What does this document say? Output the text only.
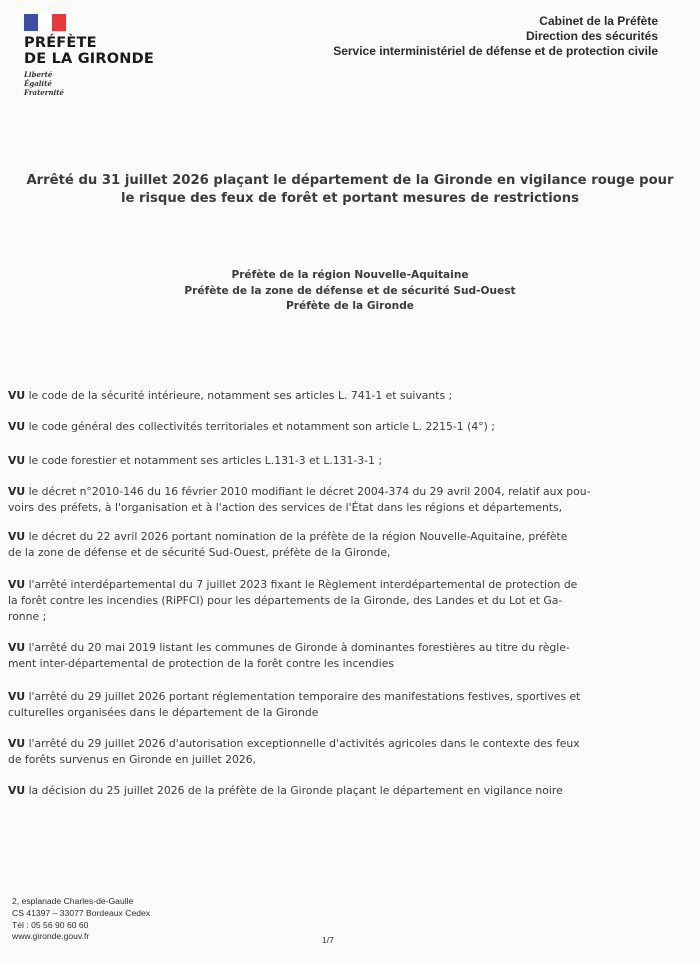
PRÉFÈTE
DE LA GIRONDE
Liberté
Égalité
Fraternité
Cabinet de la Préfète
Direction des sécurités
Service interministériel de défense et de protection civile
Arrêté du 31 juillet 2026 plaçant le département de la Gironde en vigilance rouge pour
le risque des feux de forêt et portant mesures de restrictions
Préfète de la région Nouvelle-Aquitaine
Préfète de la zone de défense et de sécurité Sud-Ouest
Préfète de la Gironde
VU le code de la sécurité intérieure, notamment ses articles L. 741-1 et suivants ;
VU le code général des collectivités territoriales et notamment son article L. 2215-1 (4°) ;
VU le code forestier et notamment ses articles L.131-3 et L.131-3-1 ;
VU le décret n°2010-146 du 16 février 2010 modifiant le décret 2004-374 du 29 avril 2004, relatif aux pou-
voirs des préfets, à l'organisation et à l'action des services de l'État dans les régions et départements,
VU le décret du 22 avril 2026 portant nomination de la préfète de la région Nouvelle-Aquitaine, préfète
de la zone de défense et de sécurité Sud-Ouest, préfète de la Gironde,
VU l'arrêté interdépartemental du 7 juillet 2023 fixant le Règlement interdépartemental de protection de
la forêt contre les incendies (RiPFCI) pour les départements de la Gironde, des Landes et du Lot et Ga-
ronne ;
VU l'arrêté du 20 mai 2019 listant les communes de Gironde à dominantes forestières au titre du règle-
ment inter-départemental de protection de la forêt contre les incendies
VU l'arrêté du 29 juillet 2026 portant réglementation temporaire des manifestations festives, sportives et
culturelles organisées dans le département de la Gironde
VU l'arrêté du 29 juillet 2026 d'autorisation exceptionnelle d'activités agricoles dans le contexte des feux
de forêts survenus en Gironde en juillet 2026,
VU la décision du 25 juillet 2026 de la préfète de la Gironde plaçant le département en vigilance noire
2, esplanade Charles-de-Gaulle
CS 41397 – 33077 Bordeaux Cedex
Tél : 05 56 90 60 60
www.gironde.gouv.fr	1/7
